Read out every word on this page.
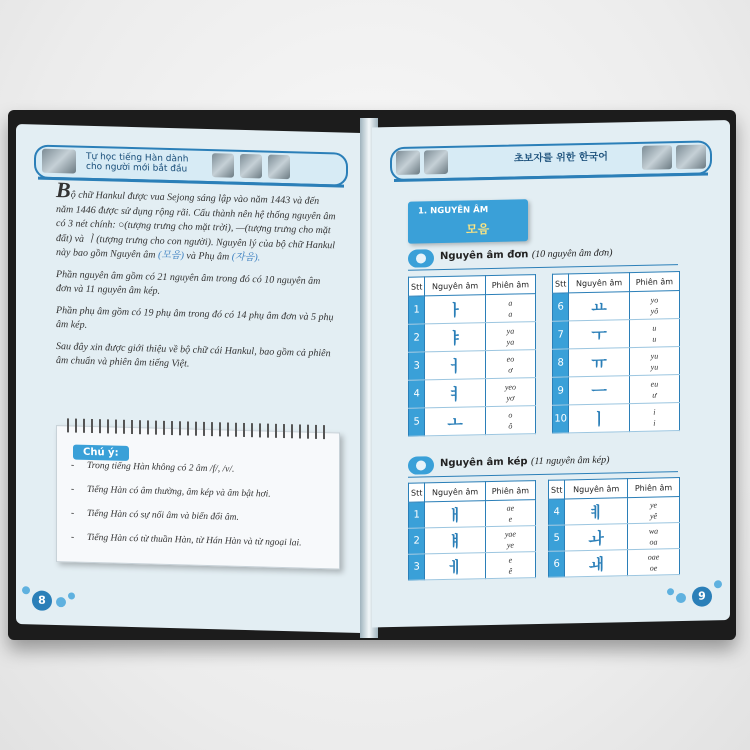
Tự học tiếng Hàn dành
cho người mới bắt đầu

Bộ chữ Hankul được vua Sejong sáng lập vào năm 1443 và đến năm 1446 được sử dụng rộng rãi. Cấu thành nên hệ thống nguyên âm có 3 nét chính: ○(tượng trưng cho mặt trời), —(tượng trưng cho mặt đất) và ㅣ(tượng trưng cho con người). Nguyên lý của bộ chữ Hankul này bao gồm Nguyên âm (모음) và Phụ âm (자음).

Phần nguyên âm gồm có 21 nguyên âm trong đó có 10 nguyên âm đơn và 11 nguyên âm kép.

Phần phụ âm gồm có 19 phụ âm trong đó có 14 phụ âm đơn và 5 phụ âm kép.

Sau đây xin được giới thiệu về bộ chữ cái Hankul, bao gồm cả phiên âm chuẩn và phiên âm tiếng Việt.

Chú ý:
- Trong tiếng Hàn không có 2 âm /f/, /v/.
- Tiếng Hàn có âm thường, âm kép và âm bật hơi.
- Tiếng Hàn có sự nối âm và biến đổi âm.
- Tiếng Hàn có từ thuần Hàn, từ Hán Hàn và từ ngoại lai.
8
초보자를 위한 한국어
1. NGUYÊN ÂM
모음
Nguyên âm đơn (10 nguyên âm đơn)
Stt	Nguyên âm	Phiên âm
1	ㅏ	a
a

2	ㅑ	ya
ya

3	ㅓ	eo
ơ

4	ㅕ	yeo
yơ

5	ㅗ	o
ô
Stt	Nguyên âm	Phiên âm
6	ㅛ	yo
yô

7	ㅜ	u
u

8	ㅠ	yu
yu

9	ㅡ	eu
ư

10	ㅣ	i
i
Nguyên âm kép (11 nguyên âm kép)
Stt	Nguyên âm	Phiên âm
1	ㅐ	ae
e

2	ㅒ	yae
ye

3	ㅔ	e
ê
Stt	Nguyên âm	Phiên âm
4	ㅖ	ye
yê

5	ㅘ	wa
oa

6	ㅙ	oae
oe
9
